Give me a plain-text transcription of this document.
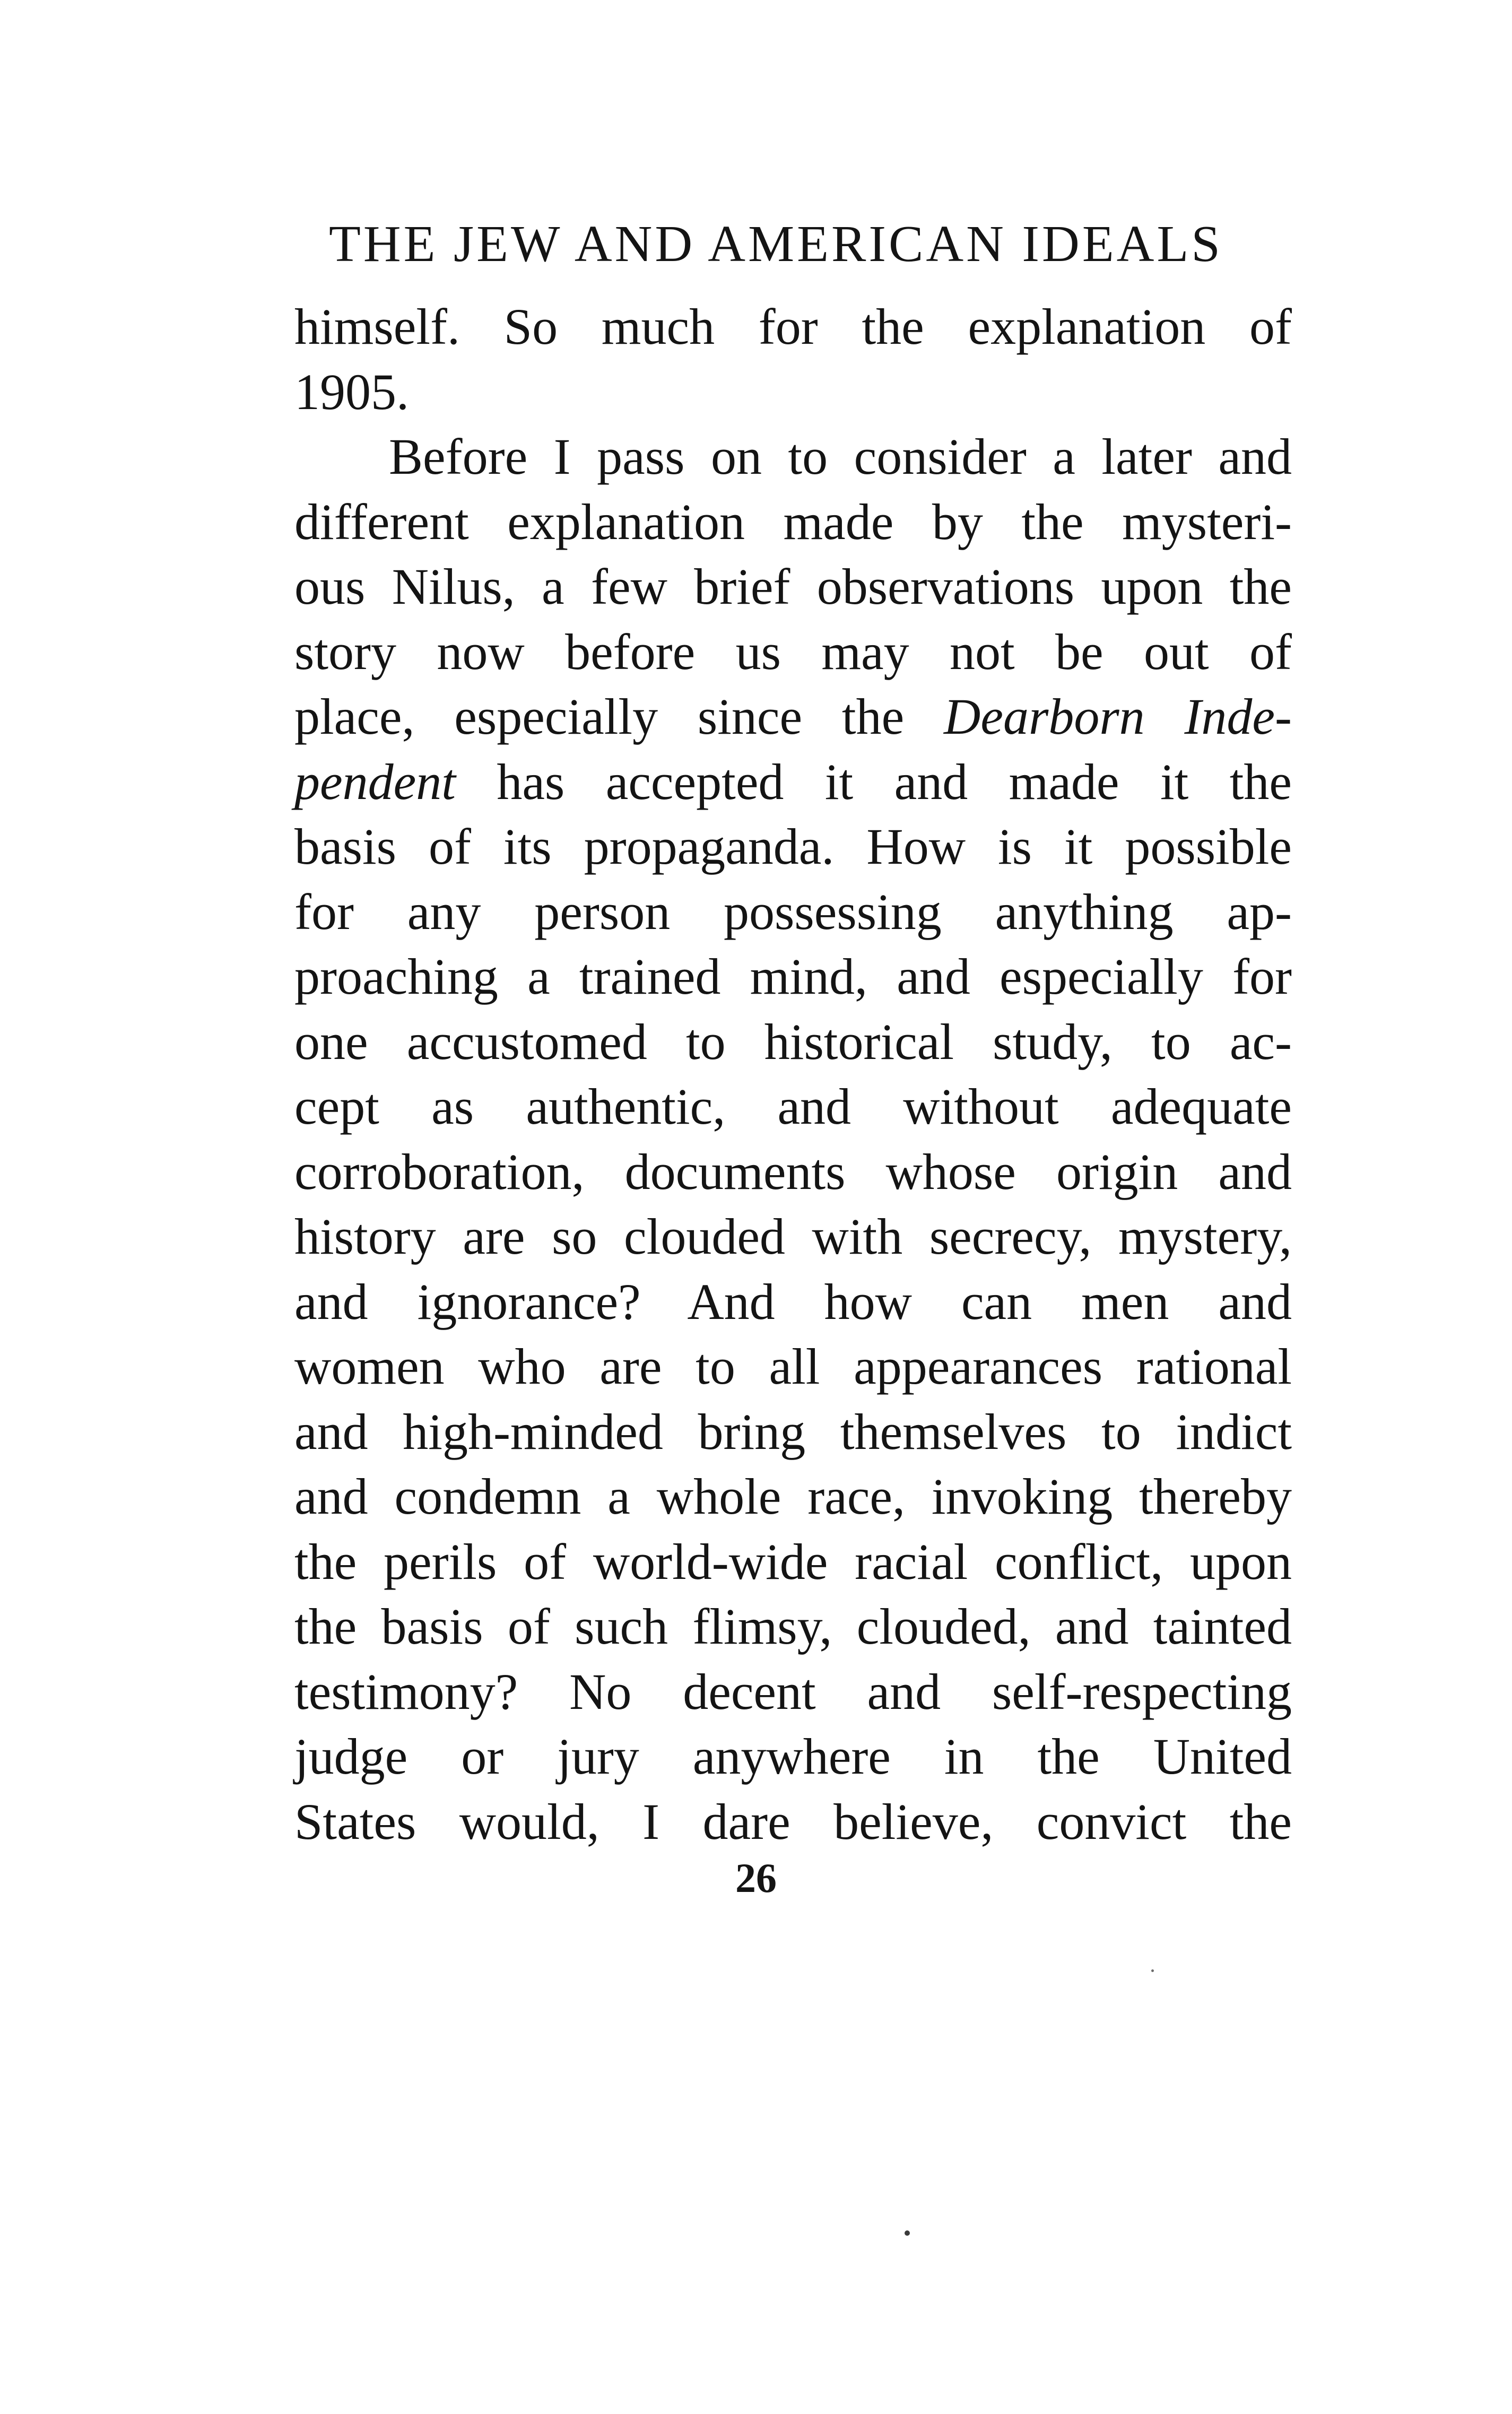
THE JEW AND AMERICAN IDEALS
himself. So much for the explanation of
1905.
Before I pass on to consider a later and
different explanation made by the mysteri-
ous Nilus, a few brief observations upon the
story now before us may not be out of
place, especially since the Dearborn Inde-
pendent has accepted it and made it the
basis of its propaganda. How is it possible
for any person possessing anything ap-
proaching a trained mind, and especially for
one accustomed to historical study, to ac-
cept as authentic, and without adequate
corroboration, documents whose origin and
history are so clouded with secrecy, mystery,
and ignorance? And how can men and
women who are to all appearances rational
and high-minded bring themselves to indict
and condemn a whole race, invoking thereby
the perils of world-wide racial conflict, upon
the basis of such flimsy, clouded, and tainted
testimony? No decent and self-respecting
judge or jury anywhere in the United
States would, I dare believe, convict the
26
